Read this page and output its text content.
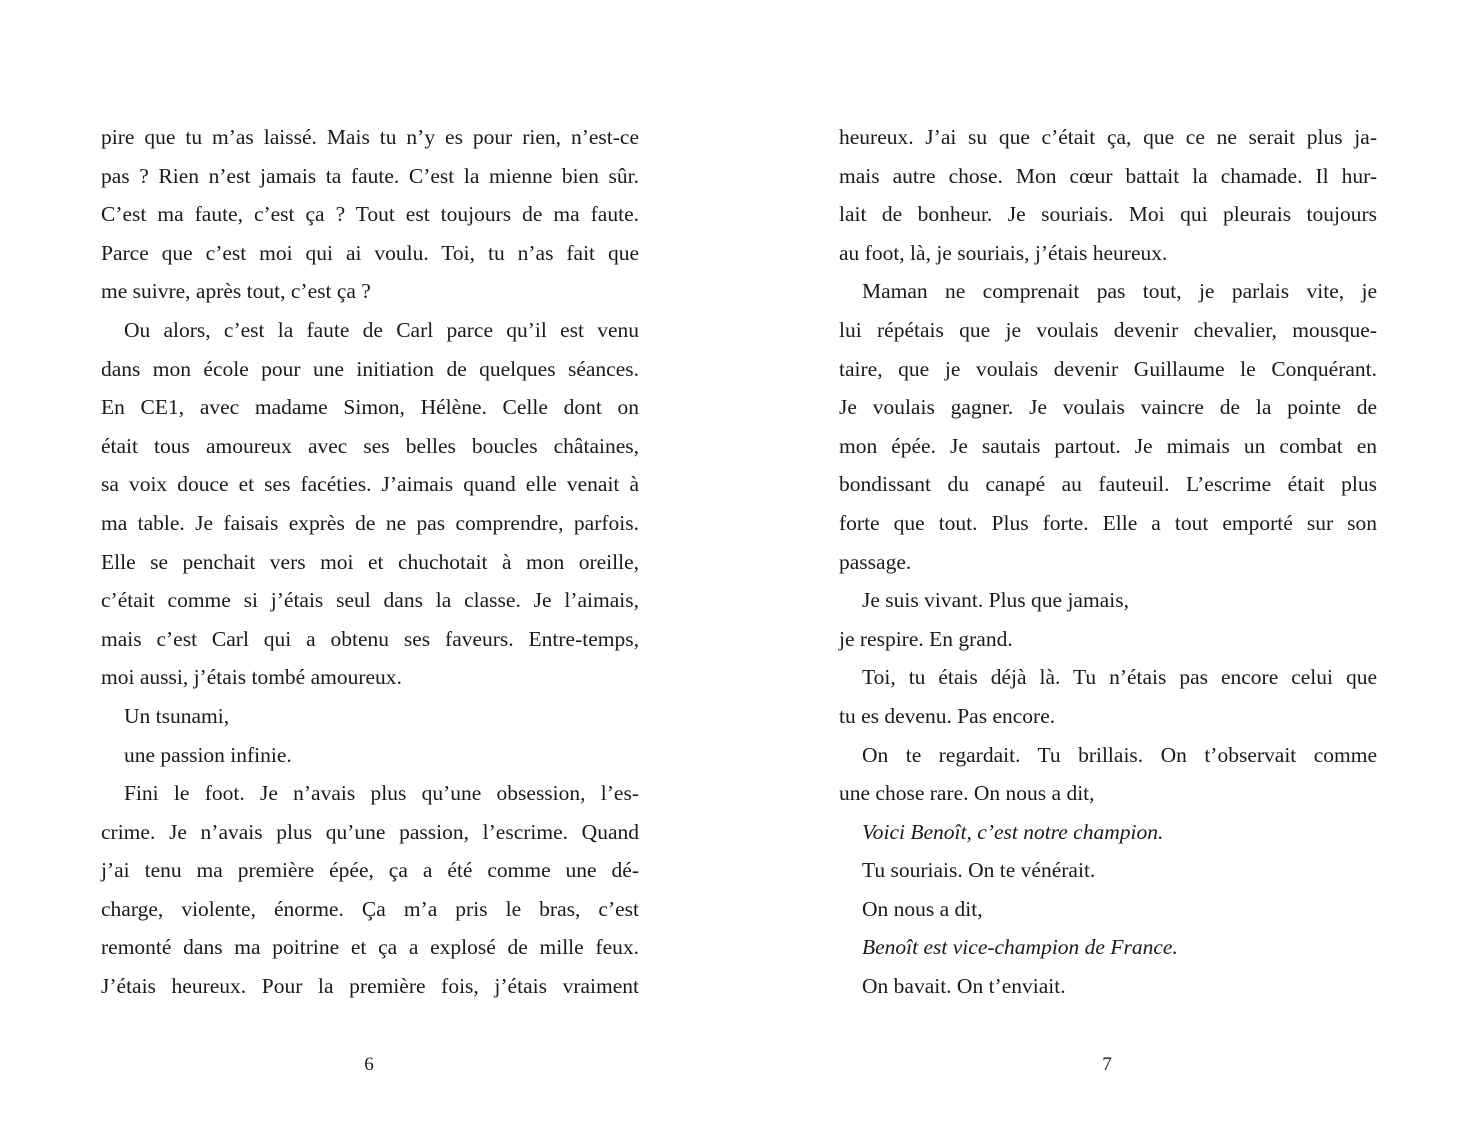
pire que tu m’as laissé. Mais tu n’y es pour rien, n’est-ce
pas ? Rien n’est jamais ta faute. C’est la mienne bien sûr.
C’est ma faute, c’est ça ? Tout est toujours de ma faute.
Parce que c’est moi qui ai voulu. Toi, tu n’as fait que
me suivre, après tout, c’est ça ?
Ou alors, c’est la faute de Carl parce qu’il est venu
dans mon école pour une initiation de quelques séances.
En CE1, avec madame Simon, Hélène. Celle dont on
était tous amoureux avec ses belles boucles châtaines,
sa voix douce et ses facéties. J’aimais quand elle venait à
ma table. Je faisais exprès de ne pas comprendre, parfois.
Elle se penchait vers moi et chuchotait à mon oreille,
c’était comme si j’étais seul dans la classe. Je l’aimais,
mais c’est Carl qui a obtenu ses faveurs. Entre-temps,
moi aussi, j’étais tombé amoureux.
Un tsunami,
une passion infinie.
Fini le foot. Je n’avais plus qu’une obsession, l’es-
crime. Je n’avais plus qu’une passion, l’escrime. Quand
j’ai tenu ma première épée, ça a été comme une dé-
charge, violente, énorme. Ça m’a pris le bras, c’est
remonté dans ma poitrine et ça a explosé de mille feux.
J’étais heureux. Pour la première fois, j’étais vraiment
heureux. J’ai su que c’était ça, que ce ne serait plus ja-
mais autre chose. Mon cœur battait la chamade. Il hur-
lait de bonheur. Je souriais. Moi qui pleurais toujours
au foot, là, je souriais, j’étais heureux.
Maman ne comprenait pas tout, je parlais vite, je
lui répétais que je voulais devenir chevalier, mousque-
taire, que je voulais devenir Guillaume le Conquérant.
Je voulais gagner. Je voulais vaincre de la pointe de
mon épée. Je sautais partout. Je mimais un combat en
bondissant du canapé au fauteuil. L’escrime était plus
forte que tout. Plus forte. Elle a tout emporté sur son
passage.
Je suis vivant. Plus que jamais,
je respire. En grand.
Toi, tu étais déjà là. Tu n’étais pas encore celui que
tu es devenu. Pas encore.
On te regardait. Tu brillais. On t’observait comme
une chose rare. On nous a dit,
Voici Benoît, c’est notre champion.
Tu souriais. On te vénérait.
On nous a dit,
Benoît est vice-champion de France.
On bavait. On t’enviait.
6	7
